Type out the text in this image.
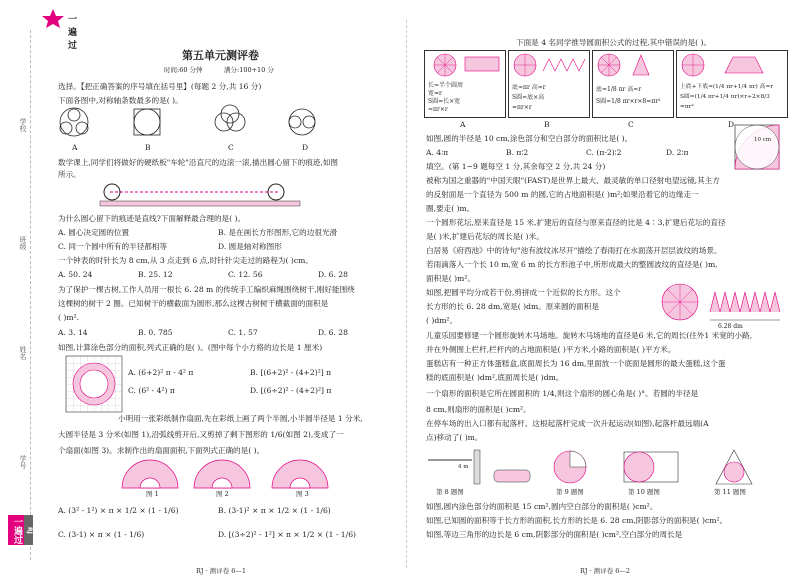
学校
班级
姓名
学号
一遍过 RJ
一遍过
第五单元测评卷
时间:60 分钟	满分:100+10 分
选择。【把正确答案的序号填在括号里】(每题 2 分,共 16 分)
下面各图中,对称轴条数最多的是( )。
A	B	C	D
数学课上,同学们将做好的硬纸板"车轮"沿直尺的边滚一滚,描出圆心留下的痕迹,如图
所示。
为什么圆心留下的痕迹是直线?下面解释最合理的是( )。
A. 圆心决定圆的位置	B. 是在画长方形图形,它的边很光滑
C. 同一个圆中所有的半径都相等	D. 圆是轴对称图形
一个钟表的时针长为 8 cm,从 3 点走到 6 点,时针针尖走过的路程为( )cm。
A. 50. 24	B. 25. 12	C. 12. 56	D. 6. 28
为了保护一棵古树,工作人员用一根长 6. 28 m 的传统手工编织麻绳围绕树干,刚好能围绕
这棵树的树干 2 圈。已知树干的横截面为圆形,那么这棵古树树干横截面的面积是
( )m².
A. 3. 14	B. 0. 785	C. 1. 57	D. 6. 28
如图,计算涂色部分的面积,列式正确的是( )。(图中每个小方格的边长是 1 厘米)
A. (6+2)² π - 4² π	B. [(6+2)² - (4+2)²] π
C. (6² - 4²) π	D. [(6÷2)² - (4+2)²] π
小明用一张彩纸制作扇面,先在彩纸上画了两个半圆,小半圆半径是 1 分米,
大圆半径是 3 分米(如图 1),沿弧线剪开后,又剪掉了剩下图形的 1/6(如图 2),变成了一
个扇面(如图 3)。求制作出的扇面面积,下面列式正确的是( )。
图 1	图 2	图 3
A. (3² - 1²) × π × 1/2 × (1 - 1/6)	B. (3-1)² × π × 1/2 × (1 - 1/6)
C. (3-1) × π × (1 - 1/6)	D. [(3÷2)² - 1²] × π × 1/2 × (1 - 1/6)
RJ · 测评卷 6—1
下面是 4 名同学推导圆面积公式的过程,其中错误的是( )。
长≈半个圆周
宽=r
S圆=长×宽
≈πr×r
底≈πr 高≈r
S圆≈底×高
=πr×r
底≈1/8 πr 高≈r
S圆≈1/8 πr×r×8=πr²
上底+下底≈(1/4 πr+1/4 πr) 高≈r
S圆≈(1/4 πr+1/4 πr)×r÷2×8/3
=πr²
A	B	C	D
如图,圆的半径是 10 cm,涂色部分和空白部分的面积比是( )。
A. 4∶π	B. π∶2	C. (π-2)∶2	D. 2∶π
10 cm
填空。(第 1~9 题每空 1 分,其余每空 2 分,共 24 分)
被称为国之重器的"中国天眼"(FAST)是世界上最大、最灵敏的单口径射电望远镜,其主方
的反射面是一个直径为 500 m 的圆,它的占地面积是( )m²;如果沿着它的边缘走一
圈,要走( )m。
一个圆形花坛,原来直径是 15 米,扩建后的直径与原来直径的比是 4∶3,扩建后花坛的直径
是( )米,扩建后花坛的周长是( )米。
白居易《府西池》中的诗句"池有波纹冰尽开"描绘了春雨打在水面荡开层层波纹的场景。
若雨滴落入一个长 10 m,宽 6 m 的长方形池子中,所形成最大的整圆波纹的直径是( )m,
面积是( )m²。
如图,把圆平均分成若干份,剪拼成一个近似的长方形。这个
长方形的长 6. 28 dm,宽是( )dm。原来圆的面积是
( )dm²。
6.28 dm
儿童乐园要修建一个圆形旋转木马场地。旋转木马场地的直径是6 米,它的周长(往外1 米宽的小路,
并在外侧围上栏杆,栏杆内的占地面积是( )平方米,小路的面积是( )平方米。
蛋糕店有一种正方体蛋糕盒,底面周长为 16 dm,里面放一个底面是圆形的最大蛋糕,这个蛋
糕的底面积是( )dm²,底面周长是( )dm。
一个扇形的面积是它所在圆面积的 1/4,则这个扇形的圆心角是( )°。若圆的半径是
8 cm,则扇形的面积是( )cm²。
在停车场的出入口都有起落杆。这根起落杆完成一次升起运动(如图),起落杆最远端(A
点)移动了( )m。
4 m
第 8 题图	第 9 题图	第 10 题图	第 11 题图
如图,圆内涂色部分的面积是 15 cm²,圆内空白部分的面积是( )cm²。
如图,已知圆的面积等于长方形的面积,长方形的长是 6. 28 cm,阴影部分的面积是( )cm²。
如图,等边三角形的边长是 6 cm,阴影部分的面积是( )cm²,空白部分的周长是
RJ · 测评卷 6—2
